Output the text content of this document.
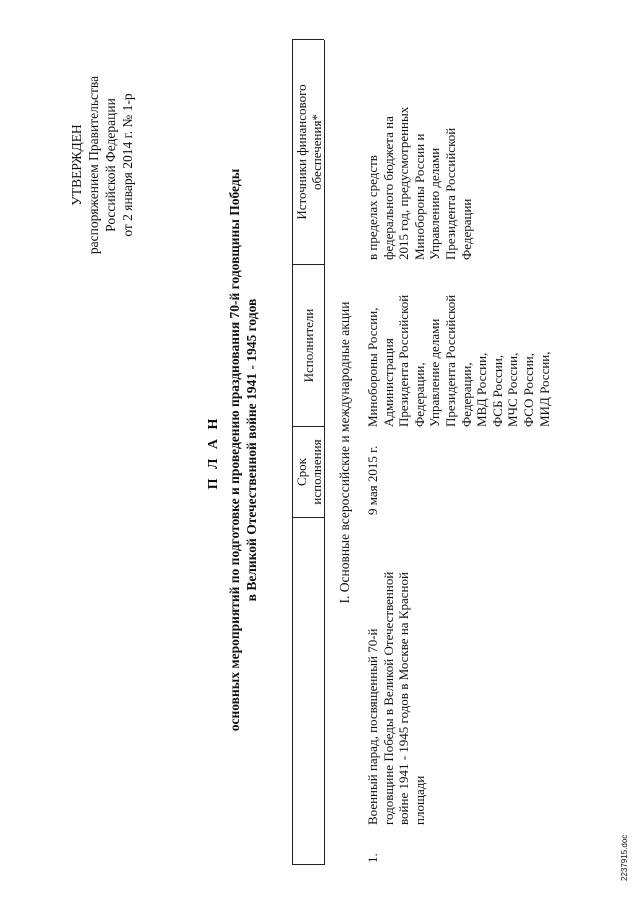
УТВЕРЖДЕН распоряжением Правительства Российской Федерации от 2 января 2014 г. № 1-р
П Л А Н основных мероприятий по подготовке и проведению празднования 70-й годовщины Победы в Великой Отечественной войне 1941 - 1945 годов	Срок исполнения
Исполнители
Источники финансового обеспечения*
I. Основные всероссийские и международные акции
1.
Военный парад, посвященный 70-й годовщине Победы в Великой Отечественной войне 1941 - 1945 годов в Москве на Красной площади
9 мая 2015 г.
Минобороны России, Администрация Президента Российской Федерации, Управление делами Президента Российской Федерации, МВД России, ФСБ России, МЧС России, ФСО России, МИД России,
в пределах средств федерального бюджета на 2015 год, предусмотренных Минобороны России и Управлению делами Президента Российской Федерации
2237915.doc
